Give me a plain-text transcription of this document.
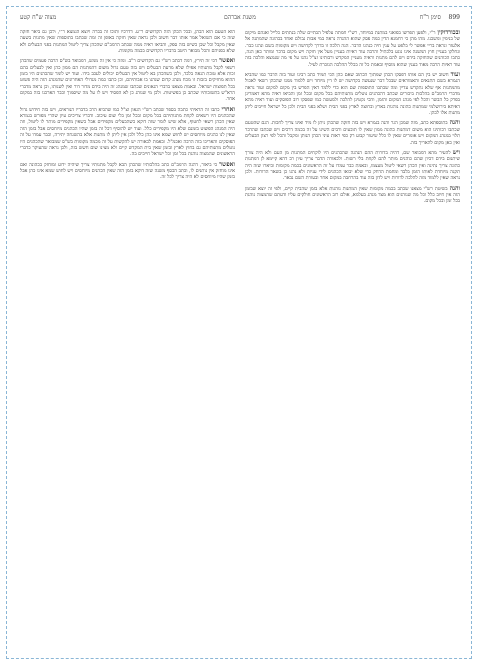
899    סימן ר"ח
משנת אברהם
מצוה ש"ח קטע

ובכורדוקיןר"י, ולפען תפרשו בפואני במתנת במיוחד, רש"י חמתה עלפיל הבתיים שלה בנתתים כלייל ואנהם מיקום של בנימין ומשכנו. מהו מהן כי רחמנא הדין כמה פסק שהוא ההגדה נראה במי אבות גבולם ואחד בכהונה שהמתנה אל אלעזר ונראה בריי אפשר לי בלפט על ענין חיה כנהגו הדבר. הנה הלכה זו בדרך לקדושה ויש מקומות בשם ונהגו כבר. ונחלקו בעניין חוץ המשנה אינו נוגע בלכתיל והרבה עוד ראיות בעניין מעל אין חזקה ויש מקום בדבר ומותר כאן הנה, כתבו הכוהנים שהחזקה בידם ויש להם מתנות וראיה מעניין המקדש ורבותינו זצ"ל נהגו על פי מה שנמצא והלכה בזה עוד ראיות הרבה מאוד בענין שהוא מוסיף ובאמת כל זה בכלל ההלכה הנזכרת לעיל.

ועודחשוב יש בין הם אותו דפסקו הכהן שמתוך הכתוב שאם כהן הכי תמיד כתב רבינו ועוד בזה הדבר כמו שהביא הגמרא בשם התנאים והאמוראים שבכל דבר שנעשה בקדושה יש לו דין מיוחד ויש ללמוד ממנו שהכהן רשאי לאכול מהמתנות אף שלא נתקדש עדיין ומה שכתבו התוספות שם הוא כדי ללמד דאין הפרש בין מקום למקום ועוד נראה מדברי הרמב"ם בהלכות ביכורים שכתב דהכהנים נוטלים מתנותיהם בכל מקום ובכל זמן והביאו ראיה מהא דאמרינן בפרק כל הבשר והכל לפי מנהג המקום והזמן, והכי נקטינן להלכה ולמעשה כמו שפסקו רוב הפוסקים ועוד ראיה מהא דאיתא בירושלמי שמתנות כהונה נוהגות בארץ ובחוצה לארץ בפני הבית ושלא בפני הבית ולכן כל ישראל חייבים ליתן מתנות אלו לכהן.

והנהבתוספתא כתב, מזה שמכן הגר והנה בגמרא ויש בזה חזקה שהכהן ניתן לו מיד ואינו צריך לחכות. הגם שהטעם שכתבו רבותינו הוא משום דמתנות כהונה ממון שאין לו תובעים ורבים השיגו על זה בכמה דרכים ויש שכתבו שהדבר תלוי במנהג המקום ויש אומרים שאין לו כלל שיעור קבוע רק כפי ראות עיני הכהן הנותן ומקבל והכל לפי רצון הבעלים ואין כאן מקום להאריך בזה.

וישלהעיר מהא דמבואר שם, דהיה בדורות ההם הנהגה שהכהנים היו לוקחים המתנות מן העם ולא היה צורך שיתנום בידם דכיון שהם כוהנים מותר להם לקחת בלי רשות. ולכאורה הדבר צריך עיון רב דהא קיימא לן דמתנות כהונה צריך נתינה ואין הכהן רשאי ליטול מעצמו, ובאמת כבר עמדו על זה הראשונים בכמה מקומות וביארו שזה היה תקנה מיוחדת לאותו הזמן בלבד ומחמת הדחק כדי שלא יבואו הכהנים לידי עניות ולא נהגו כן בשאר הדורות. ולכן נראה שאין ללמוד מזה להלכה לדורות ויש לדון בזה עוד בהרחבה במקום אחר ובעזרת השם נבאר.

והנהבשיטת רש"י מצאנו שכתב בכמה מקומות שאין המתנות נוהגות אלא בזמן שהבית קיים, ולפי זה יוצא שבזמן הזה אין חיוב כלל וכל מה שנוהגים הוא מצד מנהג בעלמא, אולם רוב הראשונים חולקים עליו ודעתם שהמצוה נוהגת בכל זמן ובכל מקום.

הוא הטעם הוא הכהן, ובכל הכהן הזה הקדושים ר"ע. דדרכיו ותוכו זה בכרה ויוצא הנמצא ר"י, ולכן גם ביאר חזקה שזה כי אם השואל אמר אותו דבר חשוב ולכן נראה שאין חזקה באופן זה ומה שכתבו בתוספות שאין מתנות בשעה שאין מקבל וכל שכן כשיש בזה ספק, והביאו ראיה ממה שכתב הרמב"ם שהכהן צריך ליטול המתנות בפני הבעלים ולא שלא בפניהם והכל מבואר היטב בדבריו הקדושים בכמה מקומות.

ואפשרדכי זה תירץ, דמה דכתב רש"י גם הקדושים ר"ב. ומזה כי אין זה ממש, דמבואר בש"ס הרבה פעמים שהכהן רשאי לקבל מתנותיו אפילו שלא מדעת הבעלים ויש בזה טעם גדול משום דהמתנות הם ממון כהן ואין לבעלים בהם זכות אלא טובת הנאה בלבד, ולכן כשהכהן בא ליטול אין הבעלים יכולים לעכב בידו. ועוד יש לומר שהכהנים היו בזמן ההוא מחזיקים בזכות זו מכח מנהג קדום שנהגו בו אבותיהם, וכן כתבו כמה מגדולי האחרונים שהמנהג הזה היה פשוט בכל תפוצות ישראל. ובאמת מצאנו בדברי הגאונים שכתבו שמנהג זה היה בידם מדור דור ואין לשנותו, וכן נראה מדברי הרא"ש בתשובותיו שכתב כן בפשיטות. ולכן מי שנוהג כן לא הפסיד ויש לו על מה שיסמוך וכבר הארכנו בזה במקום אחר.

ואחריכתבו זה הראיתי כתבה בספר שכתב רש"י הגאון זצ"ל כמו שהביא הרב בדבריו הנוראים, ויש בזה חידוש גדול שהכהנים היו רשאים לקחת מתנותיהם בכל מקום ובכל זמן בלי שום עיכוב. ודבריו צריכים עיון שהרי מפורש בגמרא שאין הכהן רשאי לחטוף, אלא שיש לומר שזה דוקא כשהבעלים מקפידים אבל כשאין מקפידים מותר לו ליטול, וזה היה המנהג הפשוט בזמנם שלא היו מקפידים כלל. ועוד יש להוסיף דכל זה בזמן שהיו הכהנים מיוחסים אבל בזמן הזה שאין לנו כהנים מיוחסים יש לחוש שמא אינו כהן כלל ולכן אין ליתן לו מתנות אלא בהשגחה יתירה, וכבר עמדו על זה הפוסקים והאריכו בזה הרבה ואכמ"ל. ובאמת לכאורה יש להקשות על זה מכמה מקומות בש"ס שמבואר שהכהנים היו נוטלים מתנותיהם גם בחוץ לארץ ובזמן שאין בית המקדש קיים ולא מצינו שום חשש בזה, ולכן נראה שהעיקר כדברי הראשונים שהמצוה נוהגת בכל זמן וכל ישראל חייבים בה.

ואפשרכי ביאור, דהנה הרמב"ם כתב בהלכותיו שהכהן הבא לקבל מתנותיו צריך שיהיה ידוע ומוחזק בכהונה ואם אינו מוחזק אין נותנים לו, וכתב הכסף משנה שזה דוקא בזמן הזה שאין הכהנים מיוחסים ויש לחוש שמא אינו כהן אבל בזמן שהיו מיוחסים לא היה צריך לכל זה.
